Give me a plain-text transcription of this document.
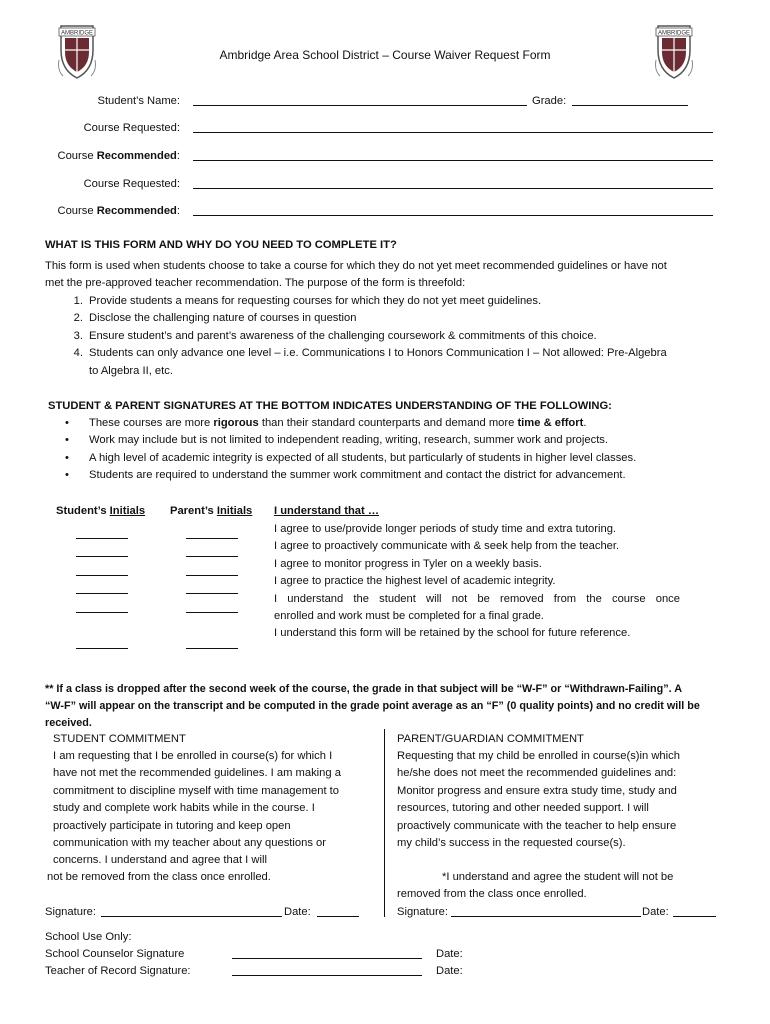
AMBRIDGE	AMBRIDGE
Ambridge Area School District – Course Waiver Request Form
Student’s Name:	Grade:
Course Requested:
Course Recommended:
Course Requested:
Course Recommended:
WHAT IS THIS FORM AND WHY DO YOU NEED TO COMPLETE IT?
This form is used when students choose to take a course for which they do not yet meet recommended guidelines or have not
met the pre-approved teacher recommendation. The purpose of the form is threefold:
1. Provide students a means for requesting courses for which they do not yet meet guidelines.
2. Disclose the challenging nature of courses in question
3. Ensure student’s and parent’s awareness of the challenging coursework & commitments of this choice.
4. Students can only advance one level – i.e. Communications I to Honors Communication I – Not allowed: Pre-Algebra
to Algebra II, etc.
STUDENT & PARENT SIGNATURES AT THE BOTTOM INDICATES UNDERSTANDING OF THE FOLLOWING:
• These courses are more rigorous than their standard counterparts and demand more time & effort.
• Work may include but is not limited to independent reading, writing, research, summer work and projects.
• A high level of academic integrity is expected of all students, but particularly of students in higher level classes.
• Students are required to understand the summer work commitment and contact the district for advancement.
Student’s Initials Parent’s Initials I understand that …
I agree to use/provide longer periods of study time and extra tutoring.
I agree to proactively communicate with & seek help from the teacher.
I agree to monitor progress in Tyler on a weekly basis.
I agree to practice the highest level of academic integrity.
I understand the student will not be removed from the course once
enrolled and work must be completed for a final grade.
I understand this form will be retained by the school for future reference.
** If a class is dropped after the second week of the course, the grade in that subject will be “W-F” or “Withdrawn-Failing”. A
“W-F” will appear on the transcript and be computed in the grade point average as an “F” (0 quality points) and no credit will be
received.
STUDENT COMMITMENT
I am requesting that I be enrolled in course(s) for which I
have not met the recommended guidelines. I am making a
commitment to discipline myself with time management to
study and complete work habits while in the course. I
proactively participate in tutoring and keep open
communication with my teacher about any questions or
concerns. I understand and agree that I will
not be removed from the class once enrolled.
Signature:	Date:
PARENT/GUARDIAN COMMITMENT
Requesting that my child be enrolled in course(s)in which
he/she does not meet the recommended guidelines and:
Monitor progress and ensure extra study time, study and
resources, tutoring and other needed support. I will
proactively communicate with the teacher to help ensure
my child’s success in the requested course(s).
*I understand and agree the student will not be
removed from the class once enrolled.
Signature:	Date:
School Use Only:
School Counselor Signature	Date:
Teacher of Record Signature:	Date:
